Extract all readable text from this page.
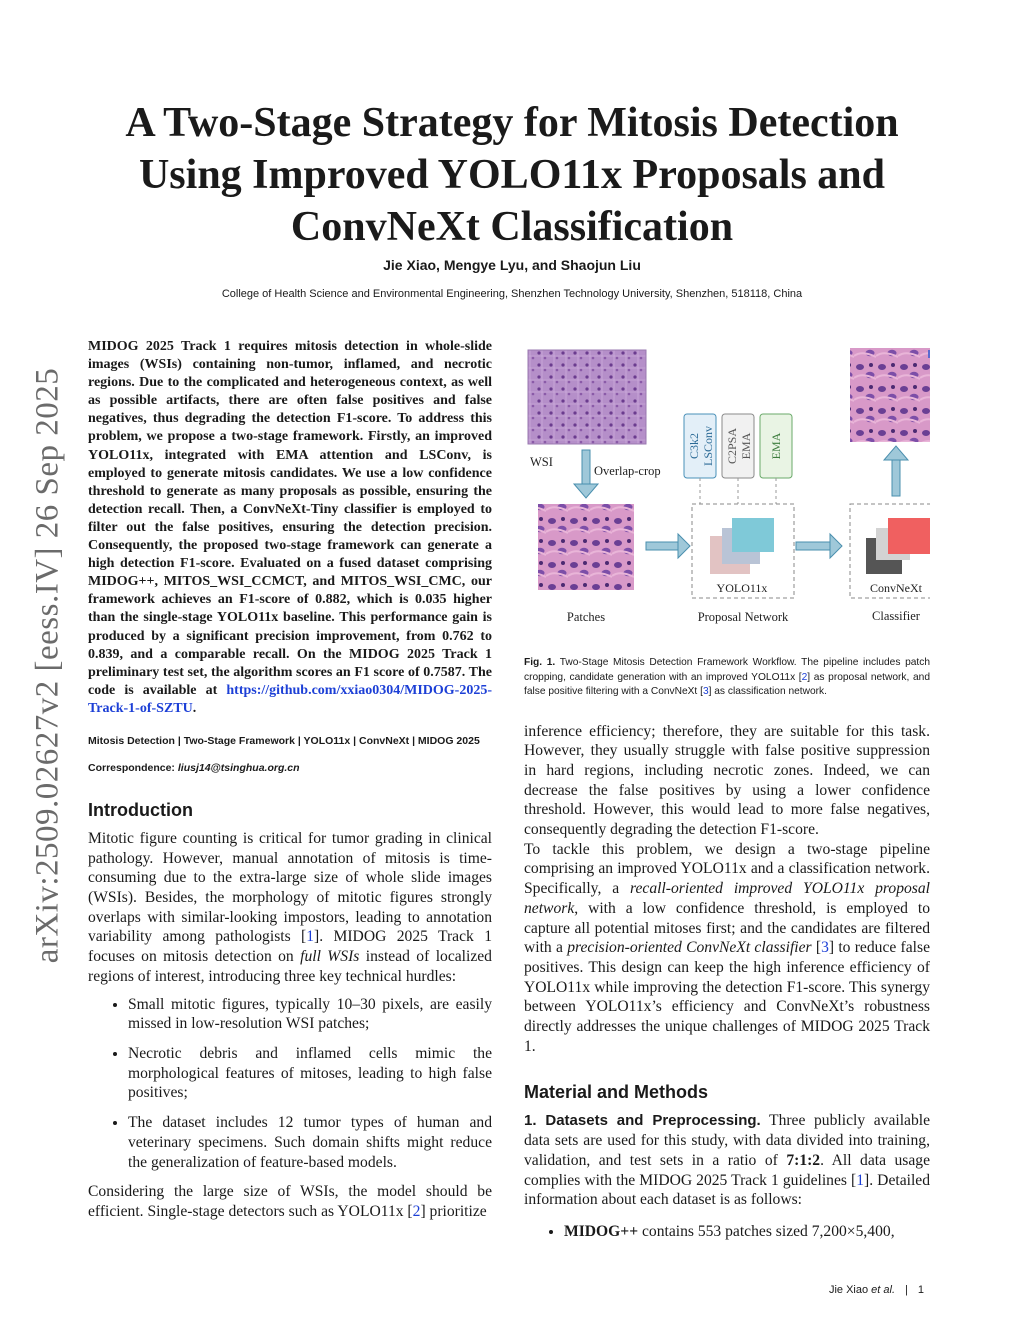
arXiv:2509.02627v2 [eess.IV] 26 Sep 2025
A Two-Stage Strategy for Mitosis Detection
Using Improved YOLO11x Proposals and
ConvNeXt Classification
Jie Xiao, Mengye Lyu, and Shaojun Liu
College of Health Science and Environmental Engineering, Shenzhen Technology University, Shenzhen, 518118, China

MIDOG 2025 Track 1 requires mitosis detection in whole-slide images (WSIs) containing non-tumor, inflamed, and necrotic regions. Due to the complicated and heterogeneous context, as well as possible artifacts, there are often false positives and false negatives, thus degrading the detection F1-score. To address this problem, we propose a two-stage framework. Firstly, an improved YOLO11x, integrated with EMA attention and LSConv, is employed to generate mitosis candidates. We use a low confidence threshold to generate as many proposals as possible, ensuring the detection recall. Then, a ConvNeXt-Tiny classifier is employed to filter out the false positives, ensuring the detection precision. Consequently, the proposed two-stage framework can generate a high detection F1-score. Evaluated on a fused dataset comprising MIDOG++, MITOS_WSI_CCMCT, and MITOS_WSI_CMC, our framework achieves an F1-score of 0.882, which is 0.035 higher than the single-stage YOLO11x baseline. This performance gain is produced by a significant precision improvement, from 0.762 to 0.839, and a comparable recall. On the MIDOG 2025 Track 1 preliminary test set, the algorithm scores an F1 score of 0.7587. The code is available at https://github.com/xxiao0304/MIDOG-2025-Track-1-of-SZTU.

Mitosis Detection | Two-Stage Framework | YOLO11x | ConvNeXt | MIDOG 2025
Correspondence: liusj14@tsinghua.org.cn
Introduction

Mitotic figure counting is critical for tumor grading in clinical pathology. However, manual annotation of mitosis is time-consuming due to the extra-large size of whole slide images (WSIs). Besides, the morphology of mitotic figures strongly overlaps with similar-looking impostors, leading to annotation variability among pathologists [1]. MIDOG 2025 Track 1 focuses on mitosis detection on full WSIs instead of localized regions of interest, introducing three key technical hurdles:

• Small mitotic figures, typically 10–30 pixels, are easily missed in low-resolution WSI patches;
• Necrotic debris and inflamed cells mimic the morphological features of mitoses, leading to high false positives;
• The dataset includes 12 tumor types of human and veterinary specimens. Such domain shifts might reduce the generalization of feature-based models.

Considering the large size of WSIs, the model should be efficient. Single-stage detectors such as YOLO11x [2] prioritize

WSI
Overlap-crop
Patches
C3k2 LSConv C2PSA EMA EMA
YOLO11x
Proposal Network
ConvNeXt
Classifier

Fig. 1. Two-Stage Mitosis Detection Framework Workflow. The pipeline includes patch cropping, candidate generation with an improved YOLO11x [2] as proposal network, and false positive filtering with a ConvNeXt [3] as classification network.

inference efficiency; therefore, they are suitable for this task. However, they usually struggle with false positive suppression in hard regions, including necrotic zones. Indeed, we can decrease the false positives by using a lower confidence threshold. However, this would lead to more false negatives, consequently degrading the detection F1-score.

To tackle this problem, we design a two-stage pipeline comprising an improved YOLO11x and a classification network. Specifically, a recall-oriented improved YOLO11x proposal network, with a low confidence threshold, is employed to capture all potential mitoses first; and the candidates are filtered with a precision-oriented ConvNeXt classifier [3] to reduce false positives. This design can keep the high inference efficiency of YOLO11x while improving the detection F1-score. This synergy between YOLO11x’s efficiency and ConvNeXt’s robustness directly addresses the unique challenges of MIDOG 2025 Track 1.

Material and Methods

1. Datasets and Preprocessing. Three publicly available data sets are used for this study, with data divided into training, validation, and test sets in a ratio of 7:1:2. All data usage complies with the MIDOG 2025 Track 1 guidelines [1]. Detailed information about each dataset is as follows:

• MIDOG++ contains 553 patches sized 7,200×5,400,
Jie Xiao et al. | 1
